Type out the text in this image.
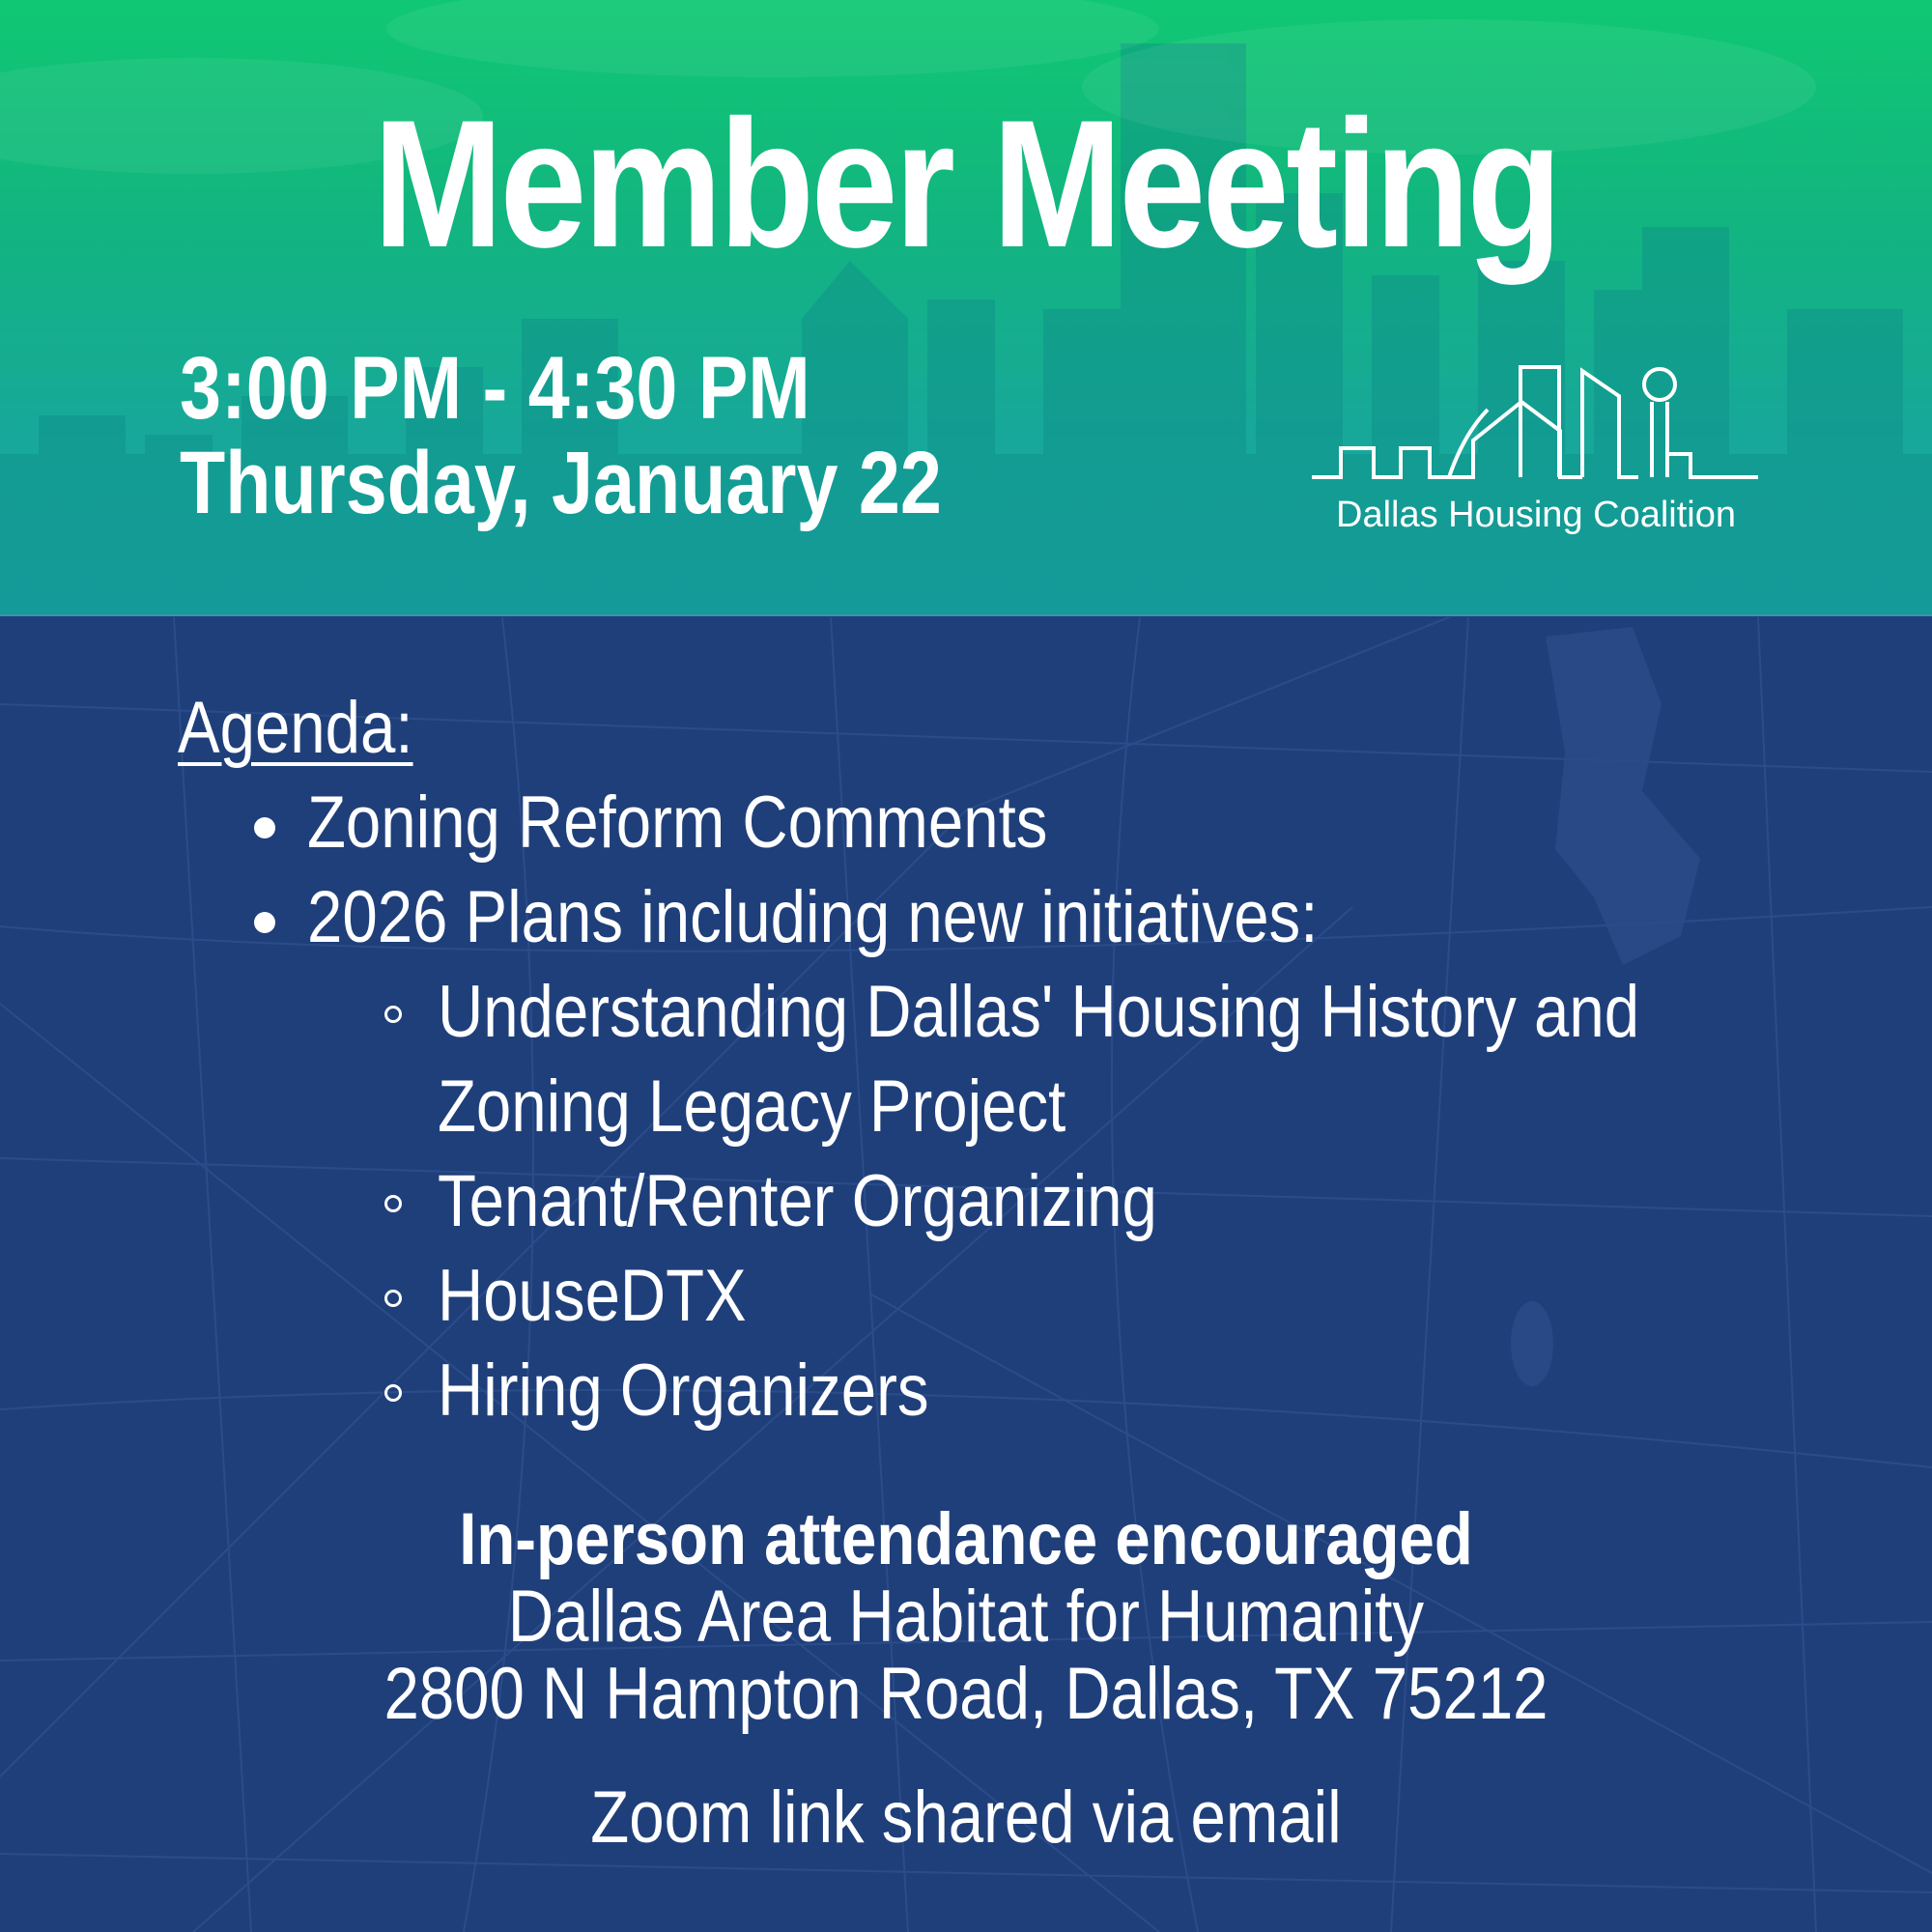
Member Meeting
3:00 PM - 4:30 PM
Thursday, January 22	Dallas Housing Coalition
Agenda:
Zoning Reform Comments
2026 Plans including new initiatives:
Understanding Dallas' Housing History and
Zoning Legacy Project
Tenant/Renter Organizing
HouseDTX
Hiring Organizers
In-person attendance encouraged
Dallas Area Habitat for Humanity
2800 N Hampton Road, Dallas, TX 75212
Zoom link shared via email
